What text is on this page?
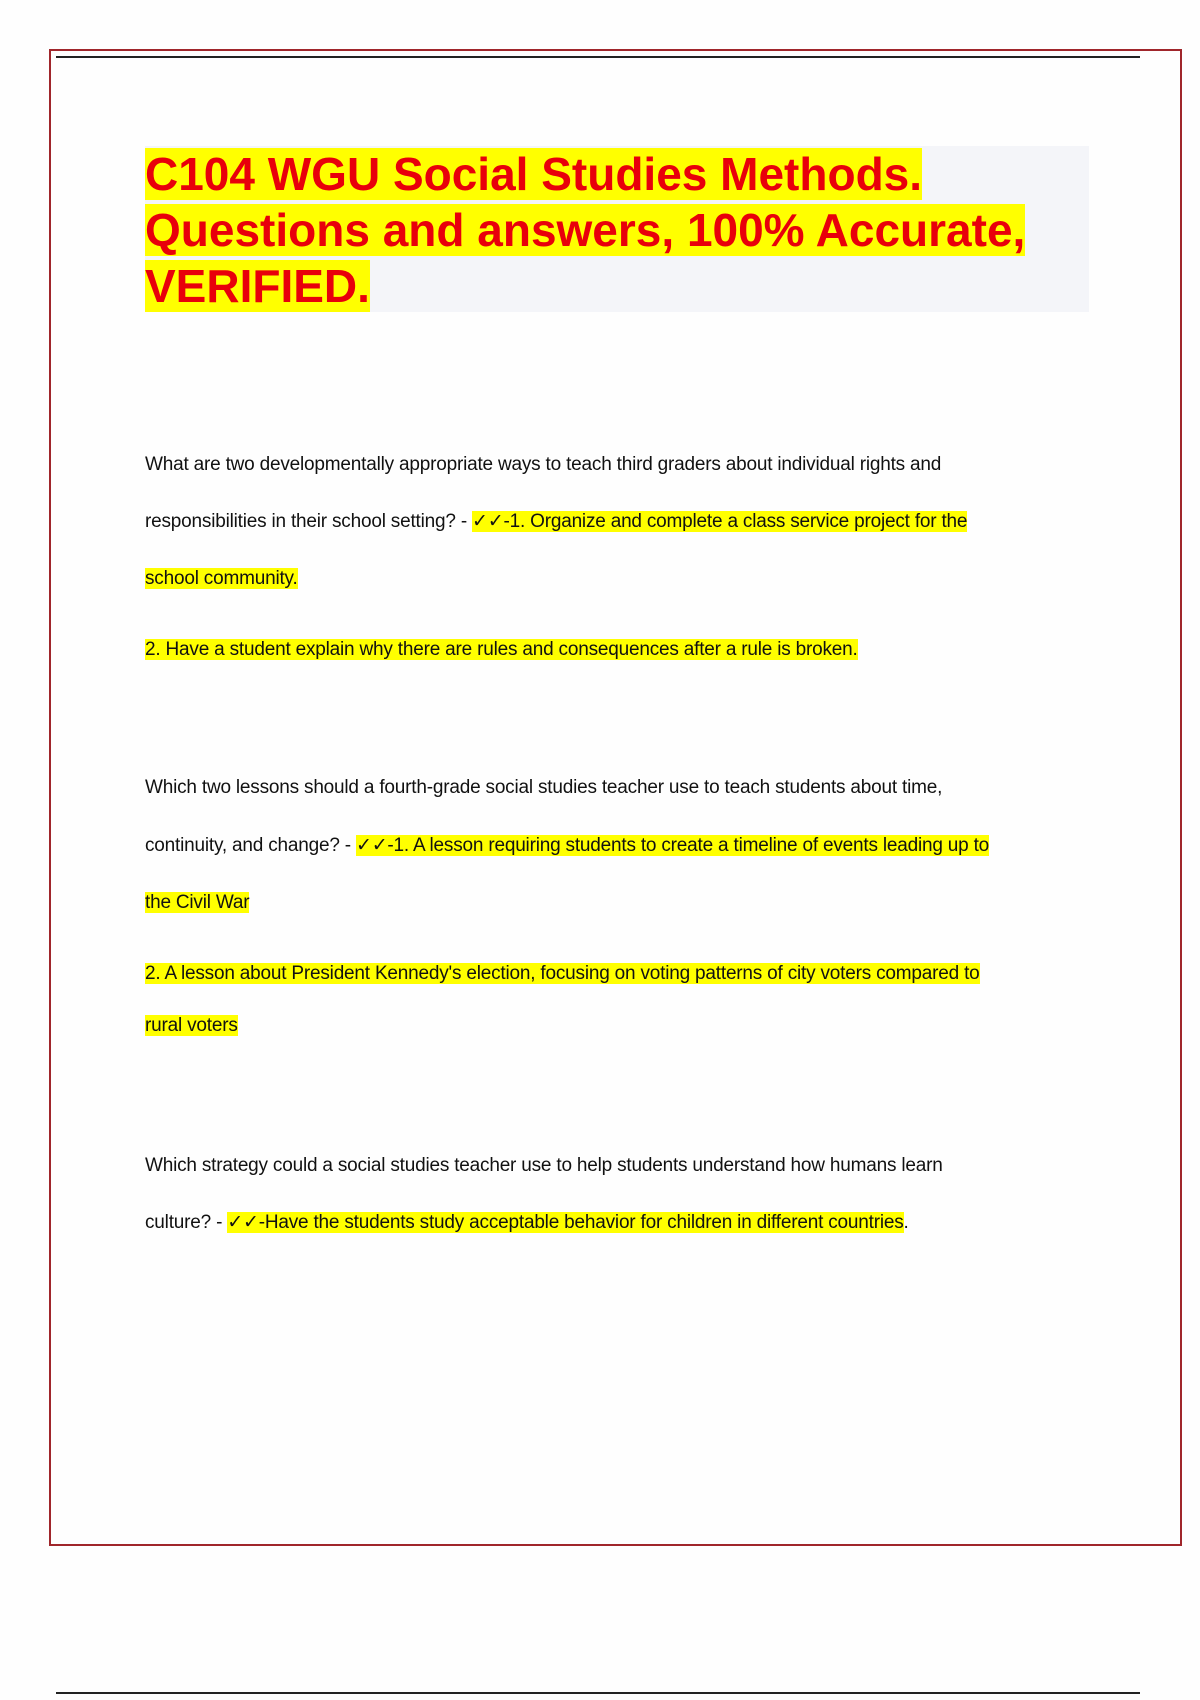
C104 WGU Social Studies Methods.
Questions and answers, 100% Accurate,
VERIFIED.
What are two developmentally appropriate ways to teach third graders about individual rights and
responsibilities in their school setting? - ✓✓-1. Organize and complete a class service project for the
school community.
2. Have a student explain why there are rules and consequences after a rule is broken.
Which two lessons should a fourth-grade social studies teacher use to teach students about time,
continuity, and change? - ✓✓-1. A lesson requiring students to create a timeline of events leading up to
the Civil War
2. A lesson about President Kennedy's election, focusing on voting patterns of city voters compared to
rural voters
Which strategy could a social studies teacher use to help students understand how humans learn
culture? - ✓✓-Have the students study acceptable behavior for children in different countries.
